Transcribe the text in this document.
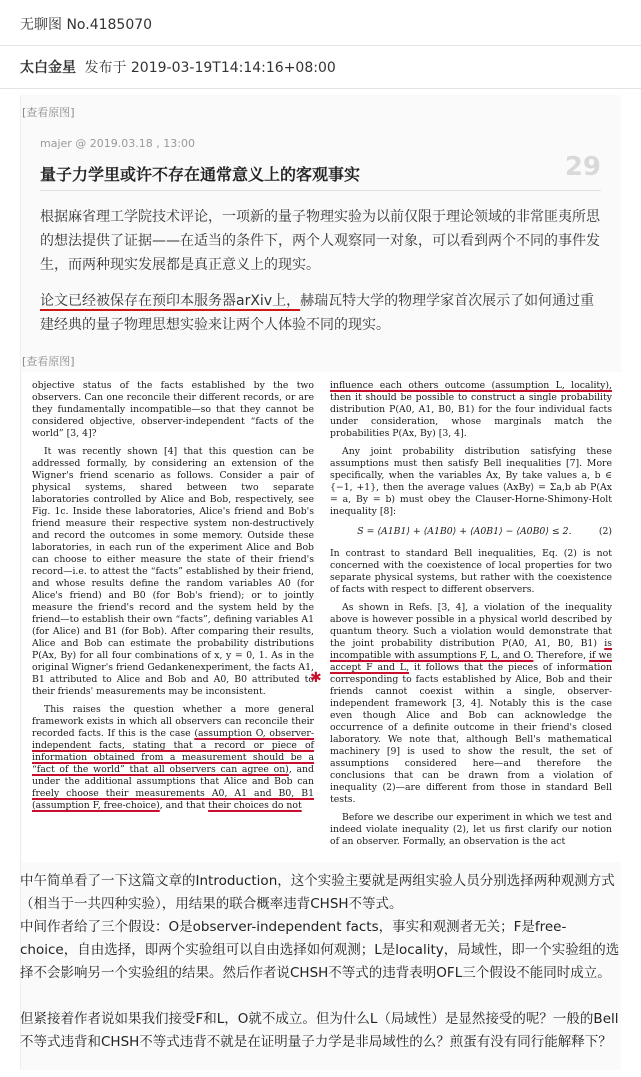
无聊图 No.4185070
太白金星 发布于 2019-03-19T14:14:16+08:00
[查看原图]
majer @ 2019.03.18 , 13:00
29
量子力学里或许不存在通常意义上的客观事实
根据麻省理工学院技术评论，一项新的量子物理实验为以前仅限于理论领域的非常匪夷所思的想法提供了证据——在适当的条件下，两个人观察同一对象，可以看到两个不同的事件发生，而两种现实发展都是真正意义上的现实。
论文已经被保存在预印本服务器arXiv上，赫瑞瓦特大学的物理学家首次展示了如何通过重建经典的量子物理思想实验来让两个人体验不同的现实。
[查看原图]

objective status of the facts established by the two observers. Can one reconcile their different records, or are they fundamentally incompatible—so that they cannot be considered objective, observer-independent “facts of the world” [3, 4]?

It was recently shown [4] that this question can be addressed formally, by considering an extension of the Wigner's friend scenario as follows. Consider a pair of physical systems, shared between two separate laboratories controlled by Alice and Bob, respectively, see Fig. 1c. Inside these laboratories, Alice's friend and Bob's friend measure their respective system non-destructively and record the outcomes in some memory. Outside these laboratories, in each run of the experiment Alice and Bob can choose to either measure the state of their friend's record—i.e. to attest the “facts” established by their friend, and whose results define the random variables A0 (for Alice's friend) and B0 (for Bob's friend); or to jointly measure the friend's record and the system held by the friend—to establish their own “facts”, defining variables A1 (for Alice) and B1 (for Bob). After comparing their results, Alice and Bob can estimate the probability distributions P(Ax, By) for all four combinations of x, y = 0, 1. As in the original Wigner's friend Gedankenexperiment, the facts A1, B1 attributed to Alice and Bob and A0, B0 attributed to their friends' measurements may be inconsistent.

This raises the question whether a more general framework exists in which all observers can reconcile their recorded facts. If this is the case (assumption O, observer-independent facts, stating that a record or piece of information obtained from a measurement should be a “fact of the world” that all observers can agree on), and under the additional assumptions that Alice and Bob can freely choose their measurements A0, A1 and B0, B1 (assumption F, free-choice), and that their choices do not

influence each others outcome (assumption L, locality), then it should be possible to construct a single probability distribution P(A0, A1, B0, B1) for the four individual facts under consideration, whose marginals match the probabilities P(Ax, By) [3, 4].

Any joint probability distribution satisfying these assumptions must then satisfy Bell inequalities [7]. More specifically, when the variables Ax, By take values a, b ∈ {−1, +1}, then the average values ⟨AxBy⟩ = Σa,b ab P(Ax = a, By = b) must obey the Clauser-Horne-Shimony-Holt inequality [8]:

S = ⟨A1B1⟩ + ⟨A1B0⟩ + ⟨A0B1⟩ − ⟨A0B0⟩ ≤ 2.	(2)

In contrast to standard Bell inequalities, Eq. (2) is not concerned with the coexistence of local properties for two separate physical systems, but rather with the coexistence of facts with respect to different observers.

As shown in Refs. [3, 4], a violation of the inequality above is however possible in a physical world described by quantum theory. Such a violation would demonstrate that the joint probability distribution P(A0, A1, B0, B1) is incompatible with assumptions F, L, and O. Therefore, if we accept F and L, it follows that the pieces of information corresponding to facts established by Alice, Bob and their friends cannot coexist within a single, observer-independent framework [3, 4]. Notably this is the case even though Alice and Bob can acknowledge the occurrence of a definite outcome in their friend's closed laboratory. We note that, although Bell's mathematical machinery [9] is used to show the result, the set of assumptions considered here—and therefore the conclusions that can be drawn from a violation of inequality (2)—are different from those in standard Bell tests.

Before we describe our experiment in which we test and indeed violate inequality (2), let us first clarify our notion of an observer. Formally, an observation is the act

✱
中午简单看了一下这篇文章的Introduction，这个实验主要就是两组实验人员分别选择两种观测方式（相当于一共四种实验），用结果的联合概率违背CHSH不等式。
中间作者给了三个假设：O是observer-independent facts，事实和观测者无关；F是free-choice，自由选择，即两个实验组可以自由选择如何观测；L是locality，局域性，即一个实验组的选择不会影响另一个实验组的结果。然后作者说CHSH不等式的违背表明OFL三个假设不能同时成立。
但紧接着作者说如果我们接受F和L，O就不成立。但为什么L（局域性）是显然接受的呢？一般的Bell不等式违背和CHSH不等式违背不就是在证明量子力学是非局域性的么？煎蛋有没有同行能解释下？
